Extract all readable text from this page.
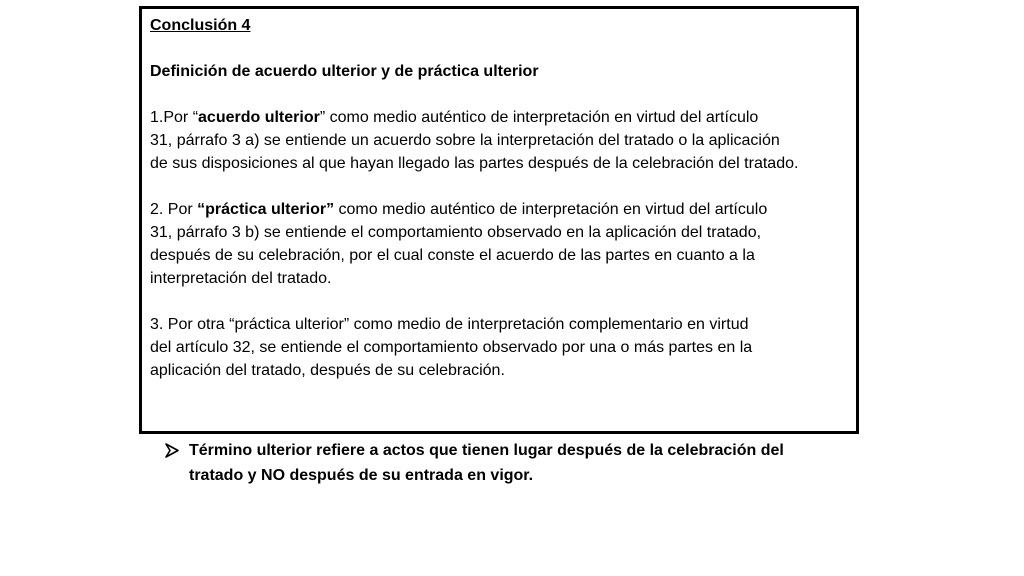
Conclusión 4
Definición de acuerdo ulterior y de práctica ulterior
1.Por “acuerdo ulterior” como medio auténtico de interpretación en virtud del artículo
31, párrafo 3 a) se entiende un acuerdo sobre la interpretación del tratado o la aplicación
de sus disposiciones al que hayan llegado las partes después de la celebración del tratado.
2. Por “práctica ulterior” como medio auténtico de interpretación en virtud del artículo
31, párrafo 3 b) se entiende el comportamiento observado en la aplicación del tratado,
después de su celebración, por el cual conste el acuerdo de las partes en cuanto a la
interpretación del tratado.
3. Por otra “práctica ulterior” como medio de interpretación complementario en virtud
del artículo 32, se entiende el comportamiento observado por una o más partes en la
aplicación del tratado, después de su celebración.
Término ulterior refiere a actos que tienen lugar después de la celebración del
tratado y NO después de su entrada en vigor.
